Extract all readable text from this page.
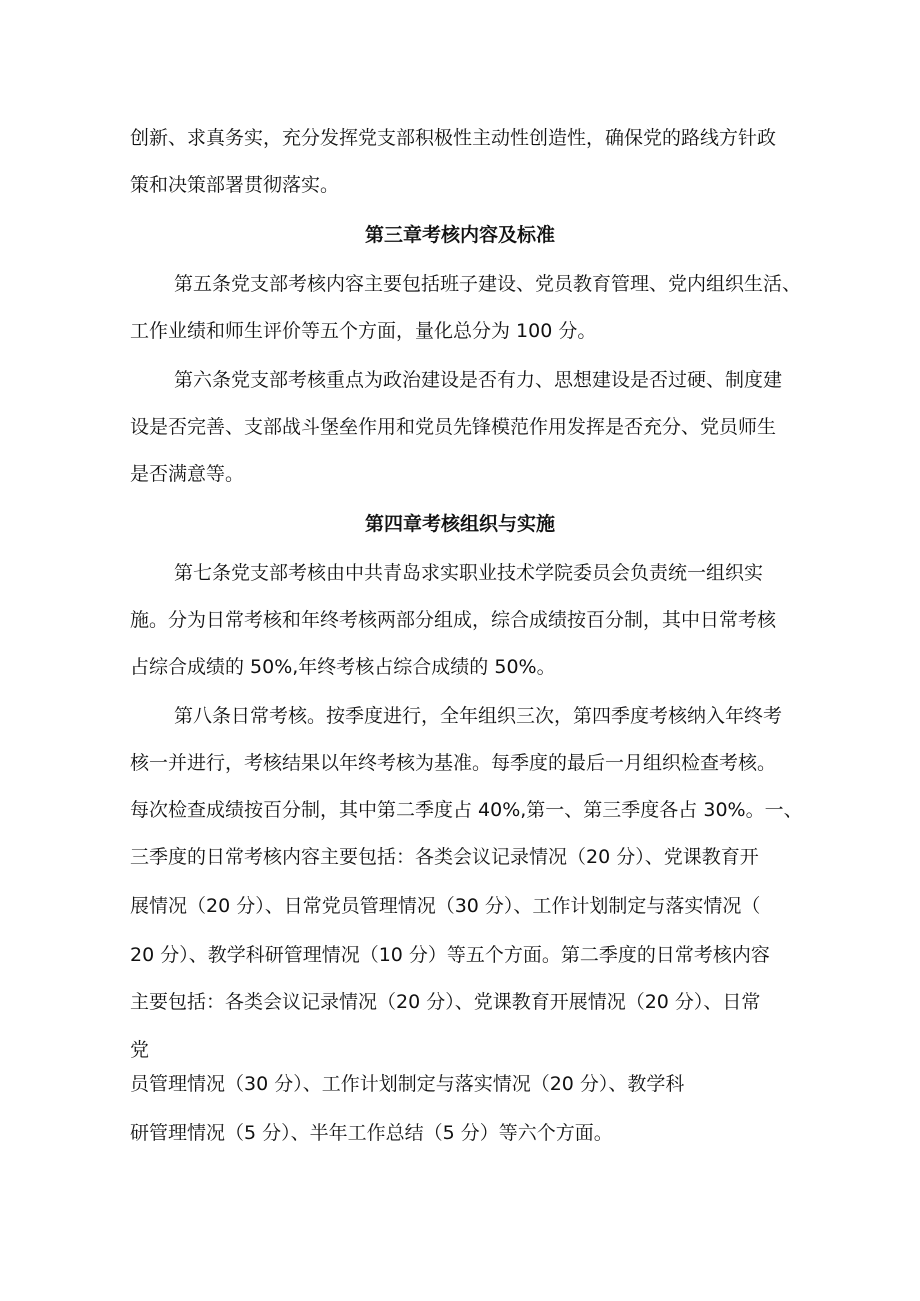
创新、求真务实，充分发挥党支部积极性主动性创造性，确保党的路线方针政

策和决策部署贯彻落实。

第三章考核内容及标准

第五条党支部考核内容主要包括班子建设、党员教育管理、党内组织生活、

工作业绩和师生评价等五个方面，量化总分为 100 分。

第六条党支部考核重点为政治建设是否有力、思想建设是否过硬、制度建

设是否完善、支部战斗堡垒作用和党员先锋模范作用发挥是否充分、党员师生

是否满意等。

第四章考核组织与实施

第七条党支部考核由中共青岛求实职业技术学院委员会负责统一组织实

施。分为日常考核和年终考核两部分组成，综合成绩按百分制，其中日常考核

占综合成绩的 50%,年终考核占综合成绩的 50%。

第八条日常考核。按季度进行，全年组织三次，第四季度考核纳入年终考

核一并进行，考核结果以年终考核为基准。每季度的最后一月组织检查考核。

每次检查成绩按百分制，其中第二季度占 40%,第一、第三季度各占 30%。一、

三季度的日常考核内容主要包括：各类会议记录情况（20 分）、党课教育开

展情况（20 分）、日常党员管理情况（30 分）、工作计划制定与落实情况（

20 分）、教学科研管理情况（10 分）等五个方面。第二季度的日常考核内容

主要包括：各类会议记录情况（20 分）、党课教育开展情况（20 分）、日常

党

员管理情况（30 分）、工作计划制定与落实情况（20 分）、教学科

研管理情况（5 分）、半年工作总结（5 分）等六个方面。
